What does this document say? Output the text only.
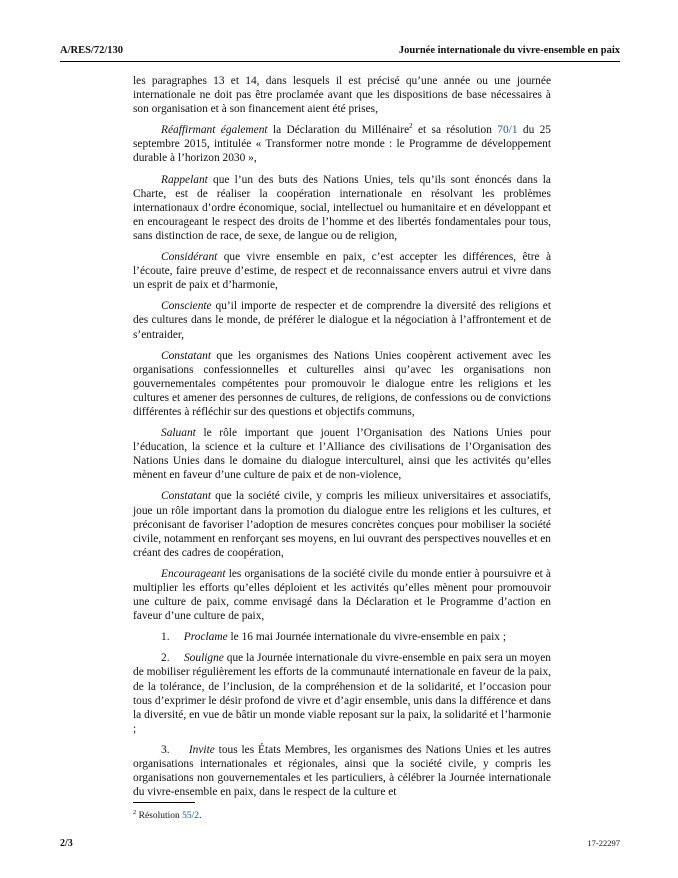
A/RES/72/130	Journée internationale du vivre-ensemble en paix

les paragraphes 13 et 14, dans lesquels il est précisé qu’une année ou une journée internationale ne doit pas être proclamée avant que les dispositions de base nécessaires à son organisation et à son financement aient été prises,

Réaffirmant également la Déclaration du Millénaire$^2$ et sa résolution 70/1 du 25 septembre 2015, intitulée « Transformer notre monde : le Programme de développement durable à l’horizon 2030 »,

Rappelant que l’un des buts des Nations Unies, tels qu’ils sont énoncés dans la Charte, est de réaliser la coopération internationale en résolvant les problèmes internationaux d’ordre économique, social, intellectuel ou humanitaire et en développant et en encourageant le respect des droits de l’homme et des libertés fondamentales pour tous, sans distinction de race, de sexe, de langue ou de religion,

Considérant que vivre ensemble en paix, c’est accepter les différences, être à l’écoute, faire preuve d’estime, de respect et de reconnaissance envers autrui et vivre dans un esprit de paix et d’harmonie,

Consciente qu’il importe de respecter et de comprendre la diversité des religions et des cultures dans le monde, de préférer le dialogue et la négociation à l’affrontement et de s’entraider,

Constatant que les organismes des Nations Unies coopèrent activement avec les organisations confessionnelles et culturelles ainsi qu’avec les organisations non gouvernementales compétentes pour promouvoir le dialogue entre les religions et les cultures et amener des personnes de cultures, de religions, de confessions ou de convictions différentes à réfléchir sur des questions et objectifs communs,

Saluant le rôle important que jouent l’Organisation des Nations Unies pour l’éducation, la science et la culture et l’Alliance des civilisations de l’Organisation des Nations Unies dans le domaine du dialogue interculturel, ainsi que les activités qu’elles mènent en faveur d’une culture de paix et de non-violence,

Constatant que la société civile, y compris les milieux universitaires et associatifs, joue un rôle important dans la promotion du dialogue entre les religions et les cultures, et préconisant de favoriser l’adoption de mesures concrètes conçues pour mobiliser la société civile, notamment en renforçant ses moyens, en lui ouvrant des perspectives nouvelles et en créant des cadres de coopération,

Encourageant les organisations de la société civile du monde entier à poursuivre et à multiplier les efforts qu’elles déploient et les activités qu’elles mènent pour promouvoir une culture de paix, comme envisagé dans la Déclaration et le Programme d’action en faveur d’une culture de paix,

1. Proclame le 16 mai Journée internationale du vivre-ensemble en paix ;

2. Souligne que la Journée internationale du vivre-ensemble en paix sera un moyen de mobiliser régulièrement les efforts de la communauté internationale en faveur de la paix, de la tolérance, de l’inclusion, de la compréhension et de la solidarité, et l’occasion pour tous d’exprimer le désir profond de vivre et d’agir ensemble, unis dans la différence et dans la diversité, en vue de bâtir un monde viable reposant sur la paix, la solidarité et l’harmonie ;

3. Invite tous les États Membres, les organismes des Nations Unies et les autres organisations internationales et régionales, ainsi que la société civile, y compris les organisations non gouvernementales et les particuliers, à célébrer la Journée internationale du vivre-ensemble en paix, dans le respect de la culture et

$^2$ Résolution 55/2.
2/3	17-22297
